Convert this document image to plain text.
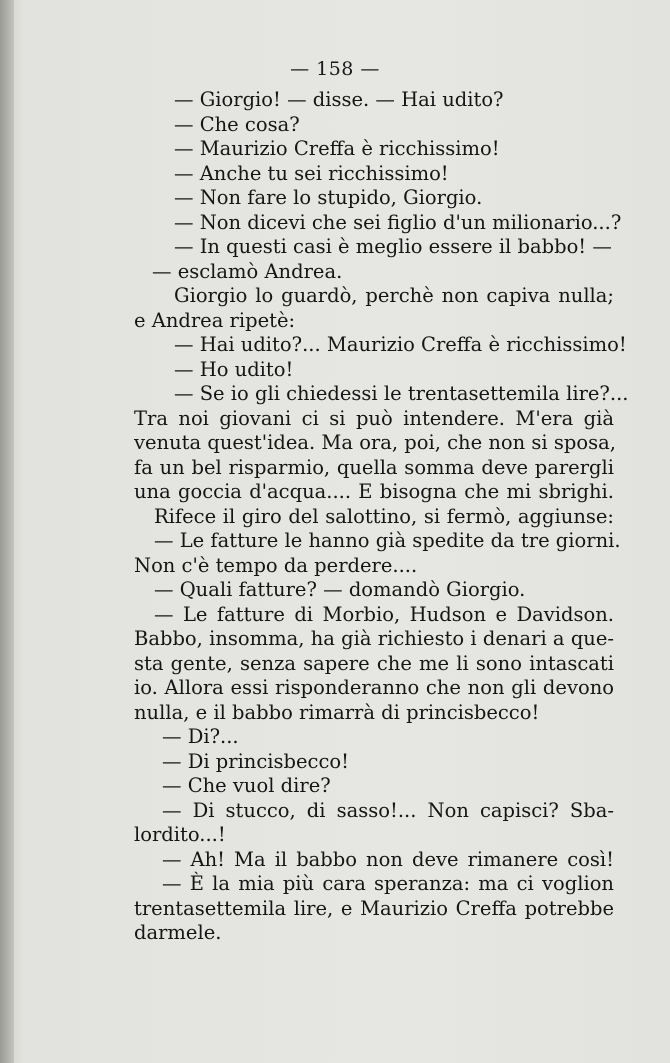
— 158 —
— Giorgio! — disse. — Hai udito?
— Che cosa?
— Maurizio Creffa è ricchissimo!
— Anche tu sei ricchissimo!
— Non fare lo stupido, Giorgio.
— Non dicevi che sei figlio d'un milionario...?
— In questi casi è meglio essere il babbo! —
— esclamò Andrea.
Giorgio lo guardò, perchè non capiva nulla;
e Andrea ripetè:
— Hai udito?... Maurizio Creffa è ricchissimo!
— Ho udito!
— Se io gli chiedessi le trentasettemila lire?...
Tra noi giovani ci si può intendere. M'era già
venuta quest'idea. Ma ora, poi, che non si sposa,
fa un bel risparmio, quella somma deve parergli
una goccia d'acqua.... E bisogna che mi sbrighi.
Rifece il giro del salottino, si fermò, aggiunse:
— Le fatture le hanno già spedite da tre giorni.
Non c'è tempo da perdere....
— Quali fatture? — domandò Giorgio.
— Le fatture di Morbio, Hudson e Davidson.
Babbo, insomma, ha già richiesto i denari a que-
sta gente, senza sapere che me li sono intascati
io. Allora essi risponderanno che non gli devono
nulla, e il babbo rimarrà di princisbecco!
— Di?...
— Di princisbecco!
— Che vuol dire?
— Di stucco, di sasso!... Non capisci? Sba-
lordito...!
— Ah! Ma il babbo non deve rimanere così!
— È la mia più cara speranza: ma ci voglion
trentasettemila lire, e Maurizio Creffa potrebbe
darmele.
